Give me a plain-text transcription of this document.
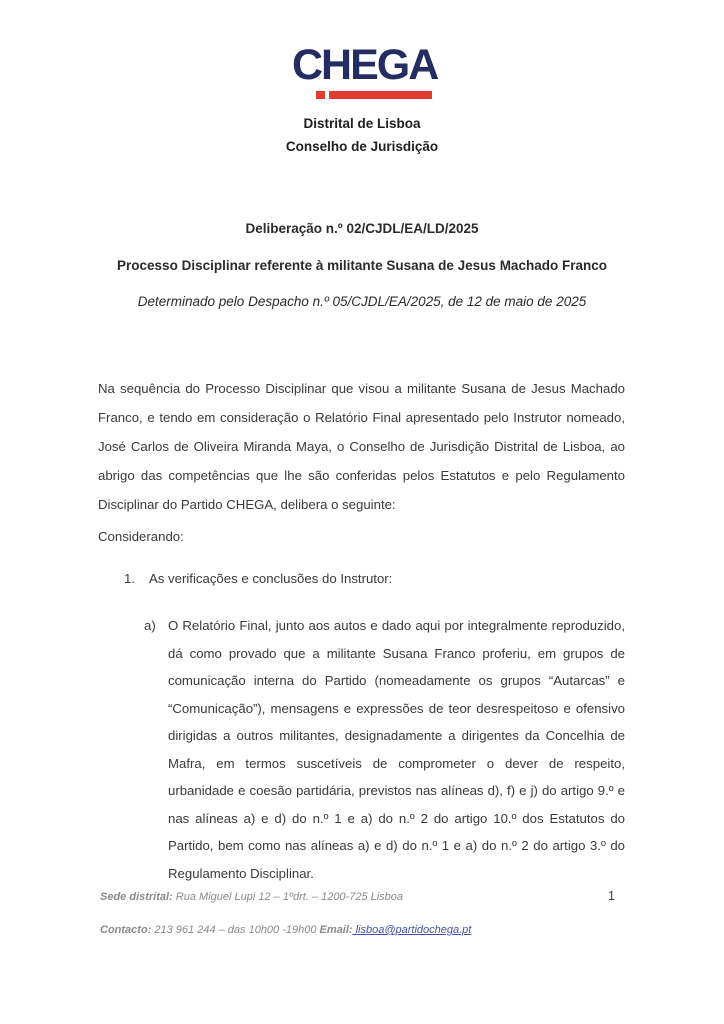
CHEGA
Distrital de Lisboa
Conselho de Jurisdição
Deliberação n.º 02/CJDL/EA/LD/2025
Processo Disciplinar referente à militante Susana de Jesus Machado Franco
Determinado pelo Despacho n.º 05/CJDL/EA/2025, de 12 de maio de 2025

Na sequência do Processo Disciplinar que visou a militante Susana de Jesus Machado Franco, e tendo em consideração o Relatório Final apresentado pelo Instrutor nomeado, José Carlos de Oliveira Miranda Maya, o Conselho de Jurisdição Distrital de Lisboa, ao abrigo das competências que lhe são conferidas pelos Estatutos e pelo Regulamento Disciplinar do Partido CHEGA, delibera o seguinte:

Considerando:
1.	As verificações e conclusões do Instrutor:
a) O Relatório Final, junto aos autos e dado aqui por integralmente reproduzido, dá como provado que a militante Susana Franco proferiu, em grupos de comunicação interna do Partido (nomeadamente os grupos “Autarcas” e “Comunicação”), mensagens e expressões de teor desrespeitoso e ofensivo dirigidas a outros militantes, designadamente a dirigentes da Concelhia de Mafra, em termos suscetíveis de comprometer o dever de respeito, urbanidade e coesão partidária, previstos nas alíneas d), f) e j) do artigo 9.º e nas alíneas a) e d) do n.º 1 e a) do n.º 2 do artigo 10.º dos Estatutos do Partido, bem como nas alíneas a) e d) do n.º 1 e a) do n.º 2 do artigo 3.º do Regulamento Disciplinar.
Sede distrital: Rua Miguel Lupi 12 – 1ºdrt. – 1200-725 Lisboa
Contacto: 213 961 244 – das 10h00 -19h00 Email: lisboa@partidochega.pt
1
